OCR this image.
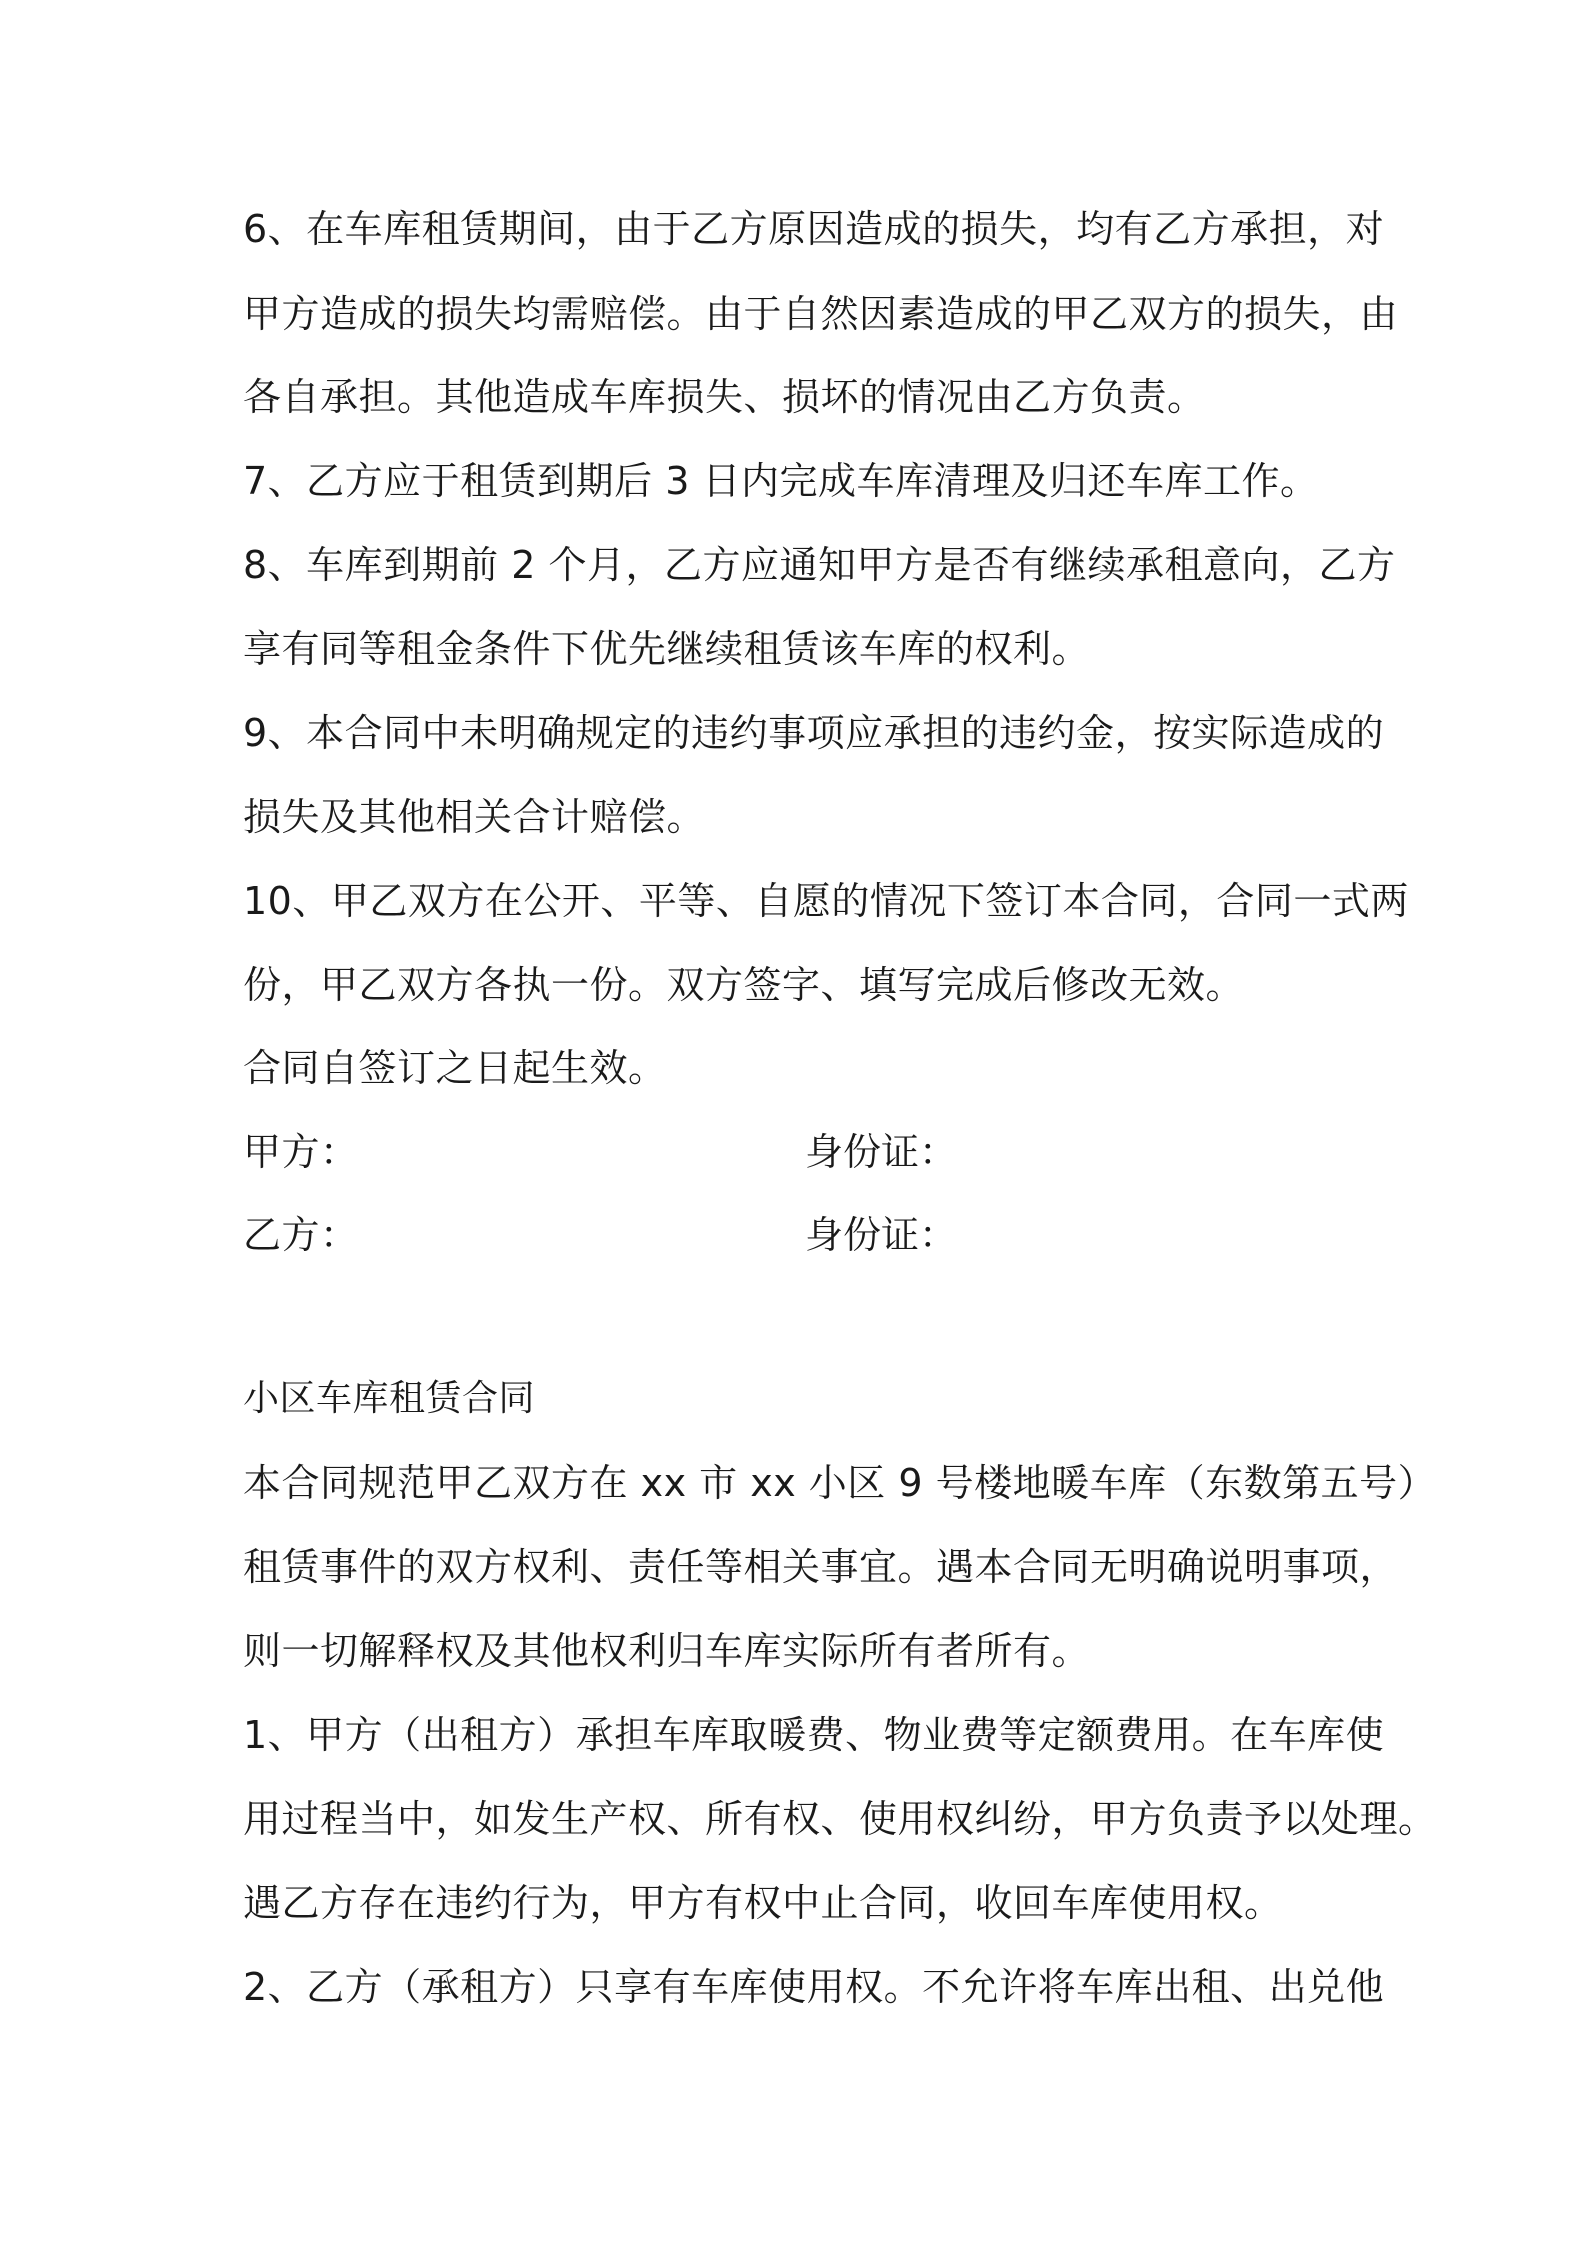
6、在车库租赁期间，由于乙方原因造成的损失，均有乙方承担，对
甲方造成的损失均需赔偿。由于自然因素造成的甲乙双方的损失，由
各自承担。其他造成车库损失、损坏的情况由乙方负责。
7、乙方应于租赁到期后 3 日内完成车库清理及归还车库工作。
8、车库到期前 2 个月，乙方应通知甲方是否有继续承租意向，乙方
享有同等租金条件下优先继续租赁该车库的权利。
9、本合同中未明确规定的违约事项应承担的违约金，按实际造成的
损失及其他相关合计赔偿。
10、甲乙双方在公开、平等、自愿的情况下签订本合同，合同一式两
份，甲乙双方各执一份。双方签字、填写完成后修改无效。
合同自签订之日起生效。
甲方：	身份证：
乙方：	身份证：
小区车库租赁合同
本合同规范甲乙双方在 xx 市 xx 小区 9 号楼地暖车库（东数第五号）
租赁事件的双方权利、责任等相关事宜。遇本合同无明确说明事项，
则一切解释权及其他权利归车库实际所有者所有。
1、甲方（出租方）承担车库取暖费、物业费等定额费用。在车库使
用过程当中，如发生产权、所有权、使用权纠纷，甲方负责予以处理。
遇乙方存在违约行为，甲方有权中止合同，收回车库使用权。
2、乙方（承租方）只享有车库使用权。不允许将车库出租、出兑他
